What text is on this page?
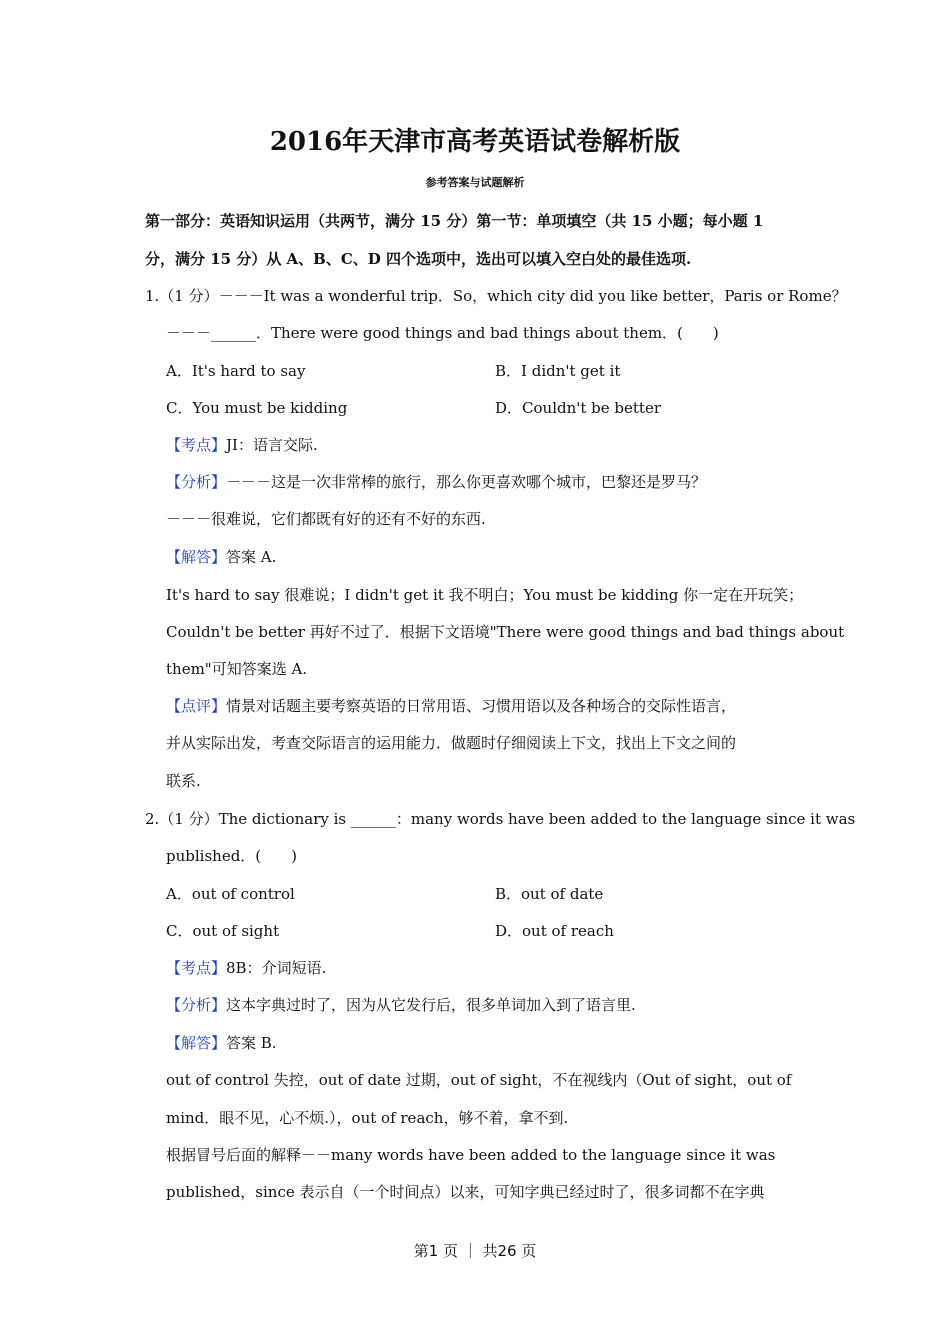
2016年天津市高考英语试卷解析版
参考答案与试题解析
第一部分：英语知识运用（共两节，满分 15 分）第一节：单项填空（共 15 小题；每小题 1
分，满分 15 分）从 A、B、C、D 四个选项中，选出可以填入空白处的最佳选项.
1.（1 分）－－－It was a wonderful trip．So，which city did you like better，Paris or Rome？
－－－______．There were good things and bad things about them．(　　)
A．It's hard to say	B．I didn't get it
C．You must be kidding	D．Couldn't be better
【考点】JI：语言交际.
【分析】－－－这是一次非常棒的旅行，那么你更喜欢哪个城市，巴黎还是罗马？
－－－很难说，它们都既有好的还有不好的东西.
【解答】答案 A.
It's hard to say 很难说；I didn't get it 我不明白；You must be kidding 你一定在开玩笑；
Couldn't be better 再好不过了．根据下文语境"There were good things and bad things about
them"可知答案选 A.
【点评】情景对话题主要考察英语的日常用语、习惯用语以及各种场合的交际性语言，
并从实际出发，考查交际语言的运用能力．做题时仔细阅读上下文，找出上下文之间的
联系.
2.（1 分）The dictionary is ______：many words have been added to the language since it was
published．(　　)
A．out of control	B．out of date
C．out of sight	D．out of reach
【考点】8B：介词短语.
【分析】这本字典过时了，因为从它发行后，很多单词加入到了语言里.
【解答】答案 B.
out of control 失控，out of date 过期，out of sight，不在视线内（Out of sight，out of
mind．眼不见，心不烦.），out of reach，够不着，拿不到.
根据冒号后面的解释－－many words have been added to the language since it was
published，since 表示自（一个时间点）以来，可知字典已经过时了，很多词都不在字典
第1 页 ｜ 共26 页
